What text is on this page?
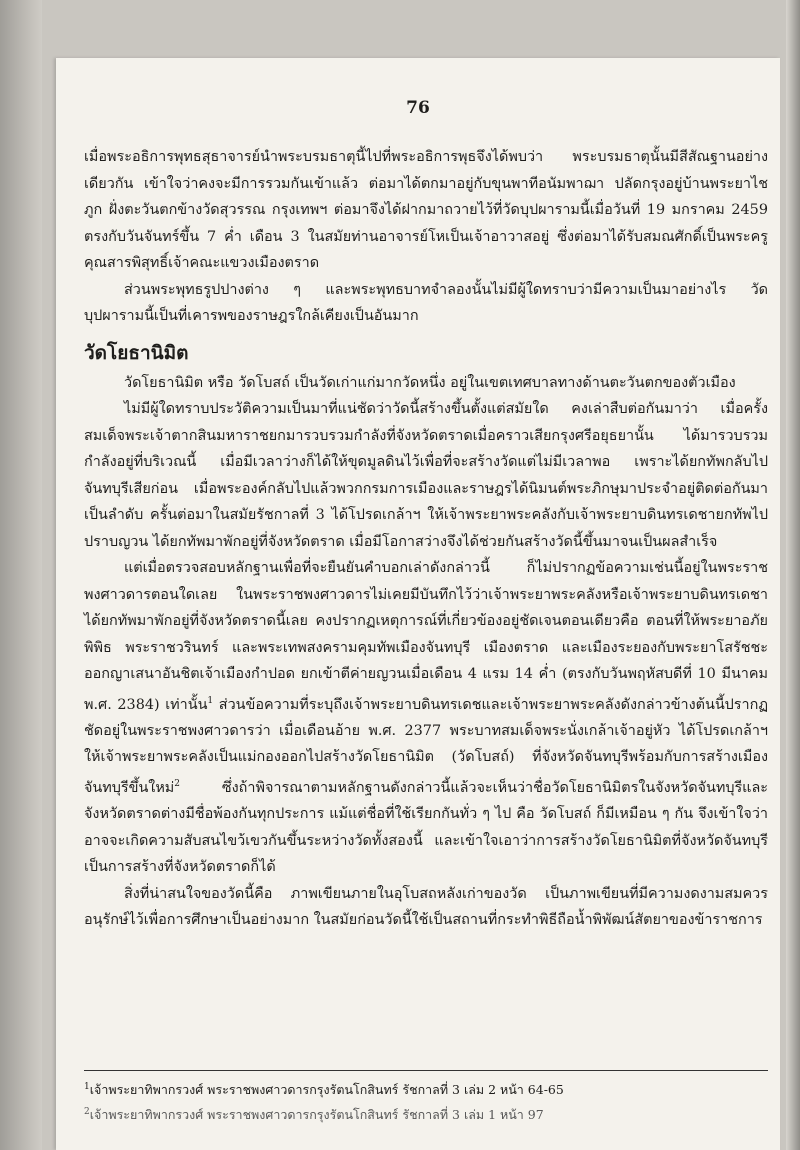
76

เมื่อพระอธิการพุทธสุธาจารย์นำพระบรมธาตุนี้ไปที่พระอธิการพุธจึงได้พบว่า พระบรมธาตุนั้นมีสีสัณฐานอย่างเดียวกัน เข้าใจว่าคงจะมีการรวมกันเข้าแล้ว ต่อมาได้ตกมาอยู่กับขุนพาทีอนัมพาฌา ปลัดกรุงอยู่บ้านพระยาไชภูก ฝั่งตะวันตกข้างวัดสุวรรณ กรุงเทพฯ ต่อมาจึงได้ฝากมาถวายไว้ที่วัดบุปผารามนี้เมื่อวันที่ 19 มกราคม 2459 ตรงกับวันจันทร์ขึ้น 7 ค่ำ เดือน 3 ในสมัยท่านอาจารย์โหเป็นเจ้าอาวาสอยู่ ซึ่งต่อมาได้รับสมณศักดิ์เป็นพระครูคุณสารพิสุทธิ์เจ้าคณะแขวงเมืองตราด

ส่วนพระพุทธรูปปางต่าง ๆ และพระพุทธบาทจำลองนั้นไม่มีผู้ใดทราบว่ามีความเป็นมาอย่างไร วัดบุปผารามนี้เป็นที่เคารพของราษฎรใกล้เคียงเป็นอันมาก

วัดโยธานิมิต

วัดโยธานิมิต หรือ วัดโบสถ์ เป็นวัดเก่าแก่มากวัดหนึ่ง อยู่ในเขตเทศบาลทางด้านตะวันตกของตัวเมือง

ไม่มีผู้ใดทราบประวัติความเป็นมาที่แน่ชัดว่าวัดนี้สร้างขึ้นตั้งแต่สมัยใด คงเล่าสืบต่อกันมาว่า เมื่อครั้งสมเด็จพระเจ้าตากสินมหาราชยกมารวบรวมกำลังที่จังหวัดตราดเมื่อคราวเสียกรุงศรีอยุธยานั้น ได้มารวบรวมกำลังอยู่ที่บริเวณนี้ เมื่อมีเวลาว่างก็ได้ให้ขุดมูลดินไว้เพื่อที่จะสร้างวัดแต่ไม่มีเวลาพอ เพราะได้ยกทัพกลับไปจันทบุรีเสียก่อน เมื่อพระองค์กลับไปแล้วพวกกรมการเมืองและราษฎรได้นิมนต์พระภิกษุมาประจำอยู่ติดต่อกันมาเป็นลำดับ ครั้นต่อมาในสมัยรัชกาลที่ 3 ได้โปรดเกล้าฯ ให้เจ้าพระยาพระคลังกับเจ้าพระยาบดินทรเดชายกทัพไปปราบญวน ได้ยกทัพมาพักอยู่ที่จังหวัดตราด เมื่อมีโอกาสว่างจึงได้ช่วยกันสร้างวัดนี้ขึ้นมาจนเป็นผลสำเร็จ

แต่เมื่อตรวจสอบหลักฐานเพื่อที่จะยืนยันคำบอกเล่าดังกล่าวนี้ ก็ไม่ปรากฏข้อความเช่นนี้อยู่ในพระราชพงศาวดารตอนใดเลย ในพระราชพงศาวดารไม่เคยมีบันทึกไว้ว่าเจ้าพระยาพระคลังหรือเจ้าพระยาบดินทรเดชาได้ยกทัพมาพักอยู่ที่จังหวัดตราดนี้เลย คงปรากฏเหตุการณ์ที่เกี่ยวข้องอยู่ชัดเจนตอนเดียวคือ ตอนที่ให้พระยาอภัยพิพิธ พระราชวรินทร์ และพระเทพสงครามคุมทัพเมืองจันทบุรี เมืองตราด และเมืองระยองกับพระยาโสรัชชะ ออกญาเสนาอันชิตเจ้าเมืองกำปอด ยกเข้าตีค่ายญวนเมื่อเดือน 4 แรม 14 ค่ำ (ตรงกับวันพฤหัสบดีที่ 10 มีนาคม พ.ศ. 2384) เท่านั้น$^1$ ส่วนข้อความที่ระบุถึงเจ้าพระยาบดินทรเดชและเจ้าพระยาพระคลังดังกล่าวข้างต้นนี้ปรากฏชัดอยู่ในพระราชพงศาวดารว่า เมื่อเดือนอ้าย พ.ศ. 2377 พระบาทสมเด็จพระนั่งเกล้าเจ้าอยู่หัว ได้โปรดเกล้าฯ ให้เจ้าพระยาพระคลังเป็นแม่กองออกไปสร้างวัดโยธานิมิต (วัดโบสถ์) ที่จังหวัดจันทบุรีพร้อมกับการสร้างเมืองจันทบุรีขึ้นใหม่$^2$ ซึ่งถ้าพิจารณาตามหลักฐานดังกล่าวนี้แล้วจะเห็นว่าชื่อวัดโยธานิมิตรในจังหวัดจันทบุรีและจังหวัดตราดต่างมีชื่อพ้องกันทุกประการ แม้แต่ชื่อที่ใช้เรียกกันทั่ว ๆ ไป คือ วัดโบสถ์ ก็มีเหมือน ๆ กัน จึงเข้าใจว่าอาจจะเกิดความสับสนไขว้เขวกันขึ้นระหว่างวัดทั้งสองนี้ และเข้าใจเอาว่าการสร้างวัดโยธานิมิตที่จังหวัดจันทบุรีเป็นการสร้างที่จังหวัดตราดก็ได้

สิ่งที่น่าสนใจของวัดนี้คือ ภาพเขียนภายในอุโบสถหลังเก่าของวัด เป็นภาพเขียนที่มีความงดงามสมควรอนุรักษ์ไว้เพื่อการศึกษาเป็นอย่างมาก ในสมัยก่อนวัดนี้ใช้เป็นสถานที่กระทำพิธีถือน้ำพิพัฒน์สัตยาของข้าราชการ

$^1$เจ้าพระยาทิพากรวงศ์ พระราชพงศาวดารกรุงรัตนโกสินทร์ รัชกาลที่ 3 เล่ม 2 หน้า 64-65

$^2$เจ้าพระยาทิพากรวงศ์ พระราชพงศาวดารกรุงรัตนโกสินทร์ รัชกาลที่ 3 เล่ม 1 หน้า 97
